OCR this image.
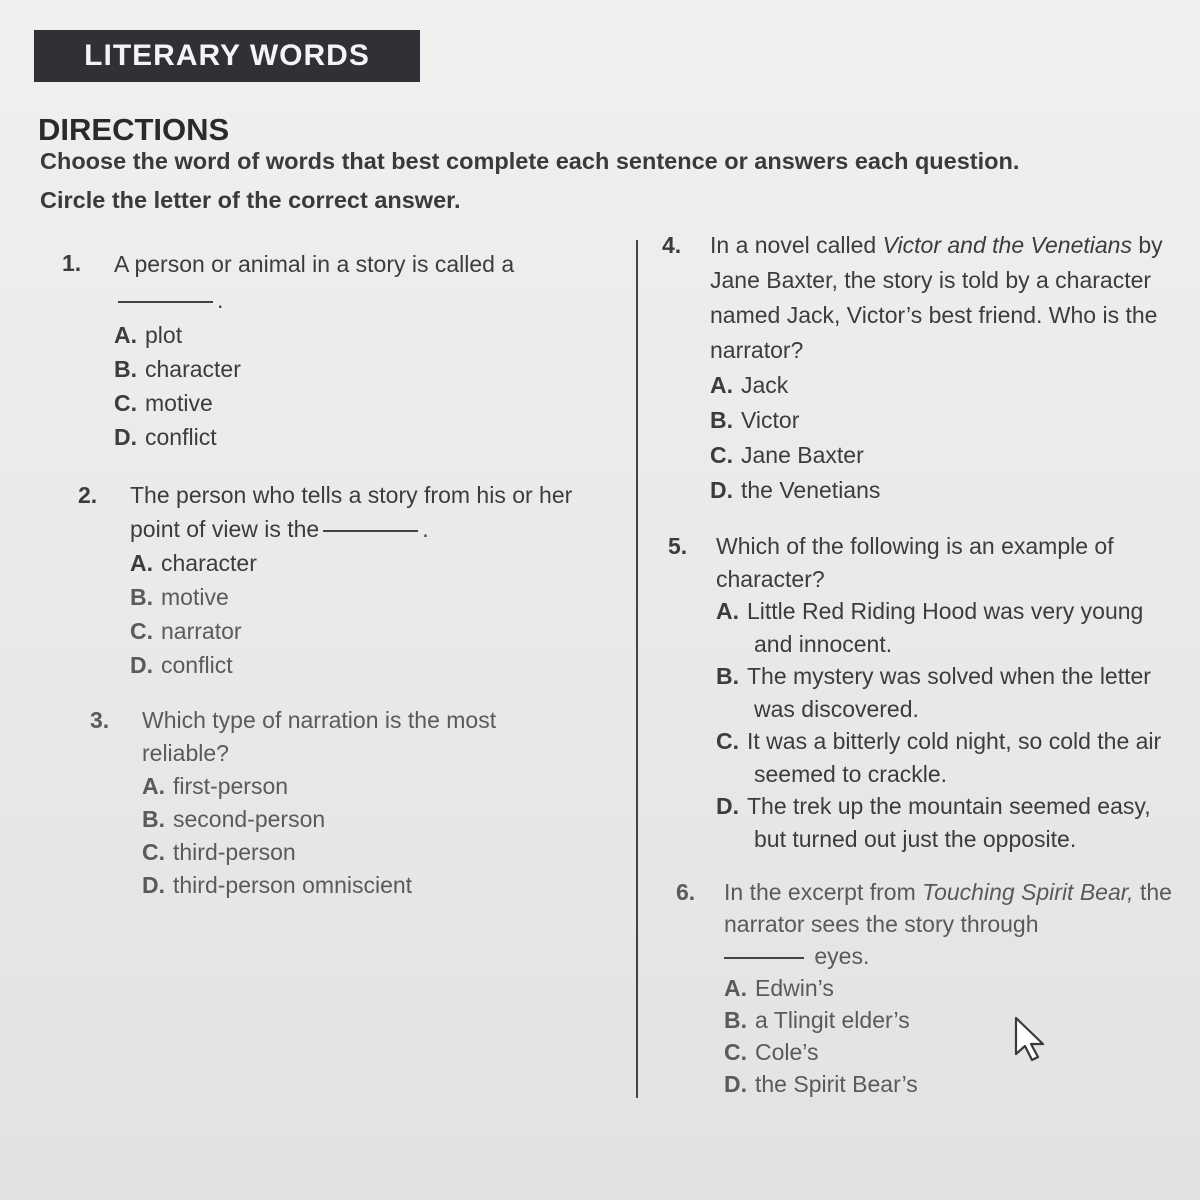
LITERARY WORDS
DIRECTIONS
Choose the word of words that best complete each sentence or answers each question. Circle the letter of the correct answer.
1.	A person or animal in a story is called a.
A. plot
B. character
C. motive
D. conflict
2.	The person who tells a story from his or her point of view is the	.
A. character
B. motive
C. narrator
D. conflict
3.	Which type of narration is the most reliable?
A. first-person
B. second-person
C. third-person
D. third-person omniscient
4.	In a novel called Victor and the Venetians by Jane Baxter, the story is told by a character named Jack, Victor’s best friend. Who is the narrator?
A. Jack
B. Victor
C. Jane Baxter
D. the Venetians
5.	Which of the following is an example of character?
A. Little Red Riding Hood was very young and innocent.
B. The mystery was solved when the letter was discovered.
C. It was a bitterly cold night, so cold the air seemed to crackle.
D. The trek up the mountain seemed easy, but turned out just the opposite.
6.	In the excerpt from Touching Spirit Bear, the narrator sees the story through
eyes.
A. Edwin’s
B. a Tlingit elder’s
C. Cole’s
D. the Spirit Bear’s
